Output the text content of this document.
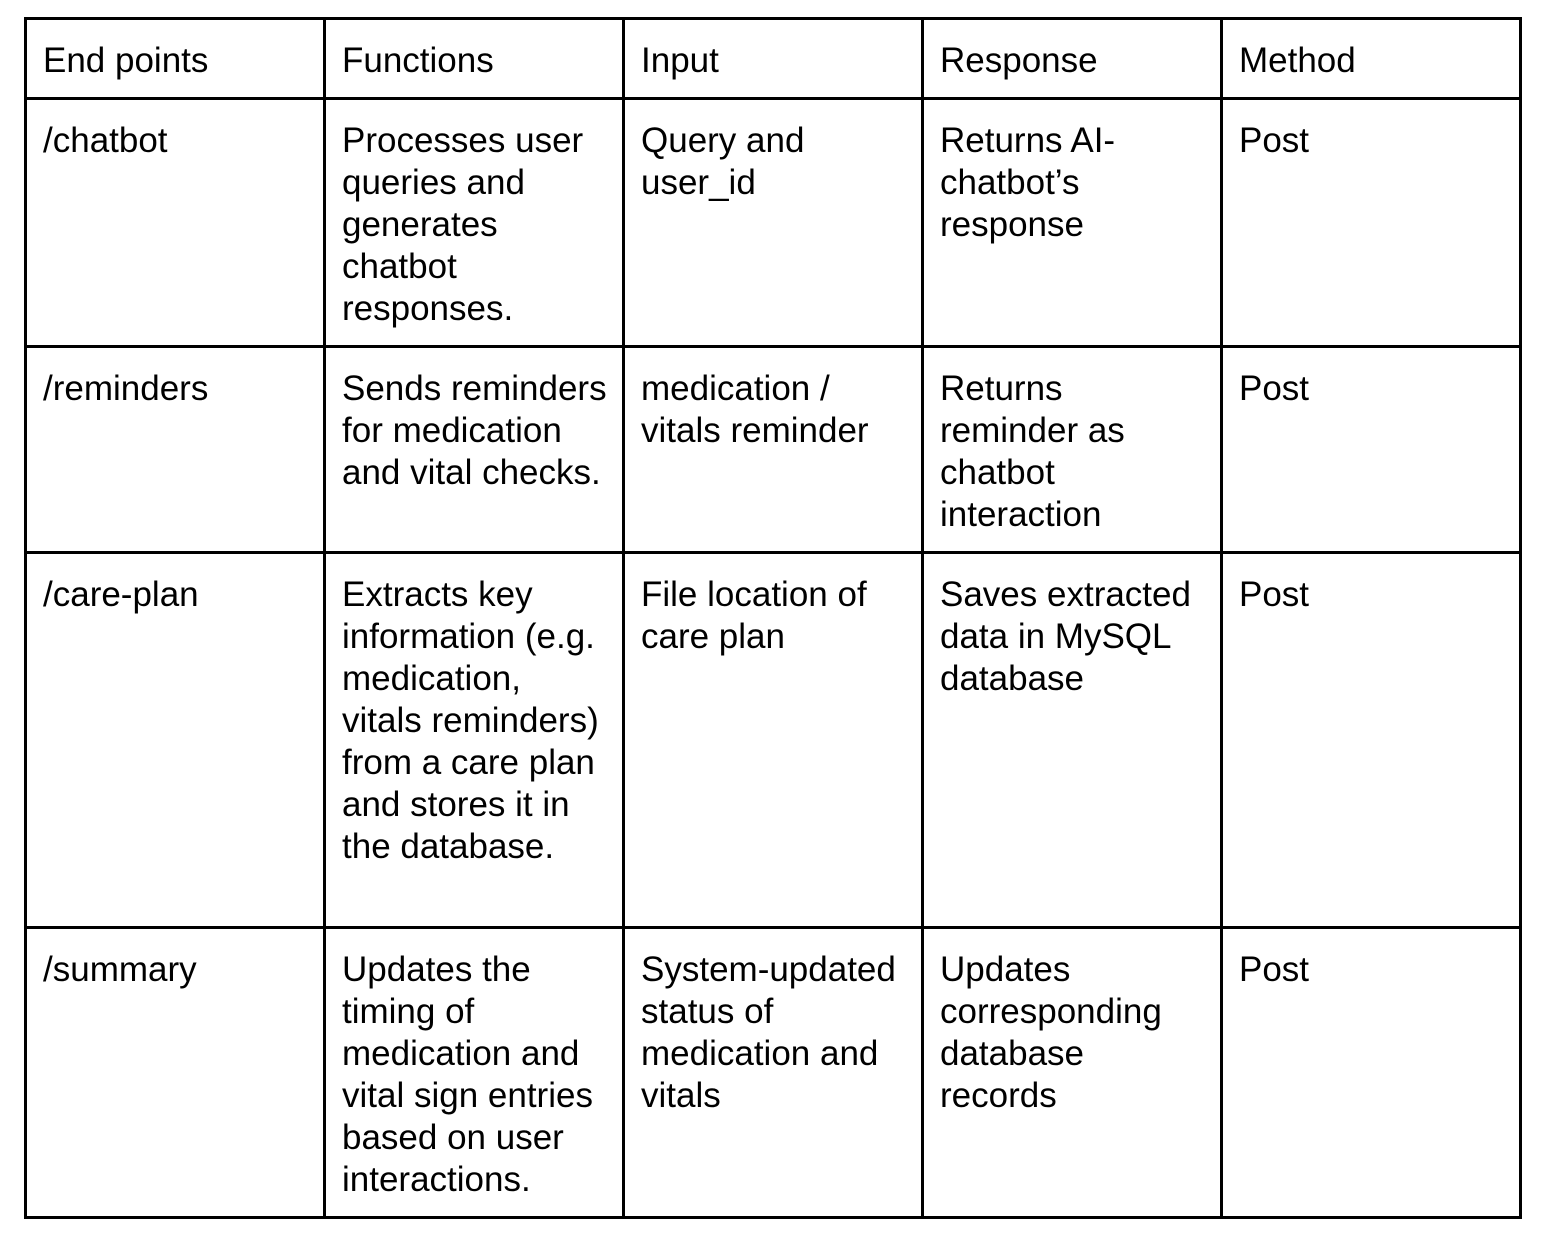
End points	Functions	Input	Response	Method
/chatbot	Processes user queries and generates chatbot responses.	Query and user_id	Returns AI-chatbot’s response	Post
/reminders	Sends reminders for medication and vital checks.	medication / vitals reminder	Returns reminder as chatbot interaction	Post
/care-plan	Extracts key information (e.g. medication, vitals reminders) from a care plan and stores it in the database.	File location of care plan	Saves extracted data in MySQL database	Post
/summary	Updates the timing of medication and vital sign entries based on user interactions.	System-updated status of medication and vitals	Updates corresponding database records	Post
